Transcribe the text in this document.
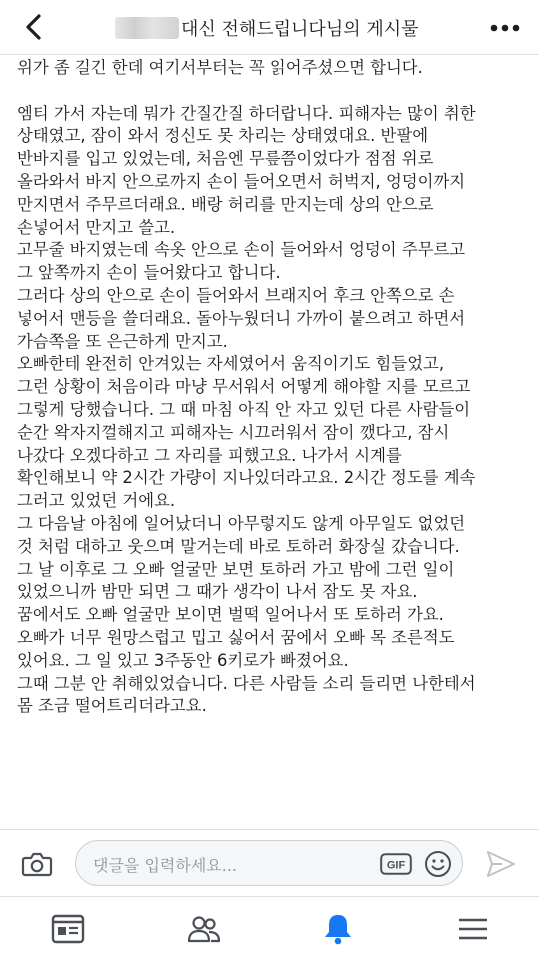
대신 전해드립니다님의 게시물
위가 좀 길긴 한데 여기서부터는 꼭 읽어주셨으면 합니다.
엠티 가서 자는데 뭐가 간질간질 하더랍니다. 피해자는 많이 취한
상태였고, 잠이 와서 정신도 못 차리는 상태였대요. 반팔에
반바지를 입고 있었는데, 처음엔 무릎쯤이었다가 점점 위로
올라와서 바지 안으로까지 손이 들어오면서 허벅지, 엉덩이까지
만지면서 주무르더래요. 배랑 허리를 만지는데 상의 안으로
손넣어서 만지고 쓸고.
고무줄 바지였는데 속옷 안으로 손이 들어와서 엉덩이 주무르고
그 앞쪽까지 손이 들어왔다고 합니다.
그러다 상의 안으로 손이 들어와서 브래지어 후크 안쪽으로 손
넣어서 맨등을 쓸더래요. 돌아누웠더니 가까이 붙으려고 하면서
가슴쪽을 또 은근하게 만지고.
오빠한테 완전히 안겨있는 자세였어서 움직이기도 힘들었고,
그런 상황이 처음이라 마냥 무서워서 어떻게 해야할 지를 모르고
그렇게 당했습니다. 그 때 마침 아직 안 자고 있던 다른 사람들이
순간 왁자지껄해지고 피해자는 시끄러워서 잠이 깼다고, 잠시
나갔다 오겠다하고 그 자리를 피했고요. 나가서 시계를
확인해보니 약 2시간 가량이 지나있더라고요. 2시간 정도를 계속
그러고 있었던 거에요.
그 다음날 아침에 일어났더니 아무렇지도 않게 아무일도 없었던
것 처럼 대하고 웃으며 말거는데 바로 토하러 화장실 갔습니다.
그 날 이후로 그 오빠 얼굴만 보면 토하러 가고 밤에 그런 일이
있었으니까 밤만 되면 그 때가 생각이 나서 잠도 못 자요.
꿈에서도 오빠 얼굴만 보이면 벌떡 일어나서 또 토하러 가요.
오빠가 너무 원망스럽고 밉고 싫어서 꿈에서 오빠 목 조른적도
있어요. 그 일 있고 3주동안 6키로가 빠졌어요.
그때 그분 안 취해있었습니다. 다른 사람들 소리 들리면 나한테서
몸 조금 떨어트리더라고요.
댓글을 입력하세요...	GIF
